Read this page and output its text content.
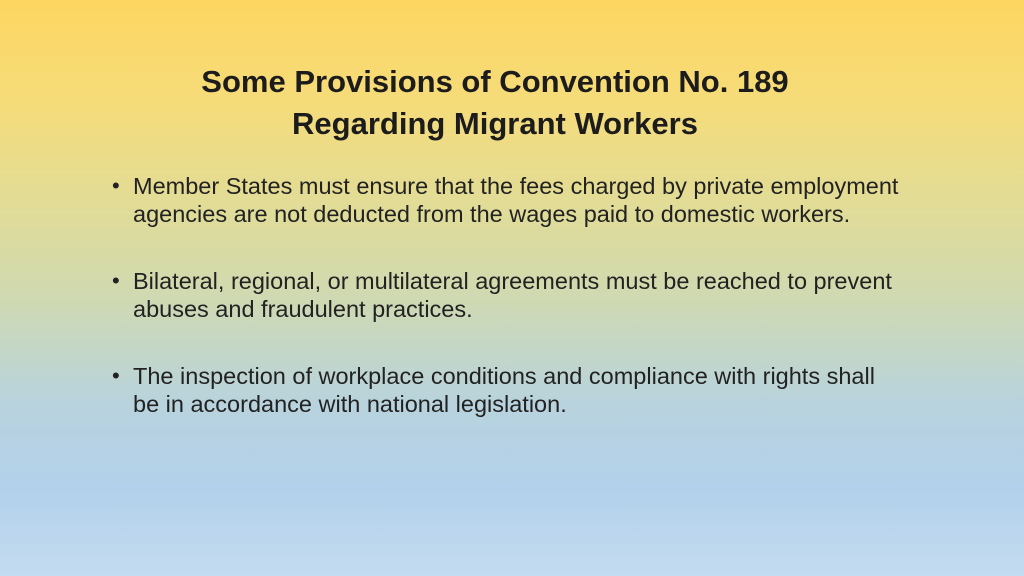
Some Provisions of Convention No. 189
Regarding Migrant Workers
• Member States must ensure that the fees charged by private employment agencies are not deducted from the wages paid to domestic workers.
• Bilateral, regional, or multilateral agreements must be reached to prevent abuses and fraudulent practices.
• The inspection of workplace conditions and compliance with rights shall be in accordance with national legislation.
